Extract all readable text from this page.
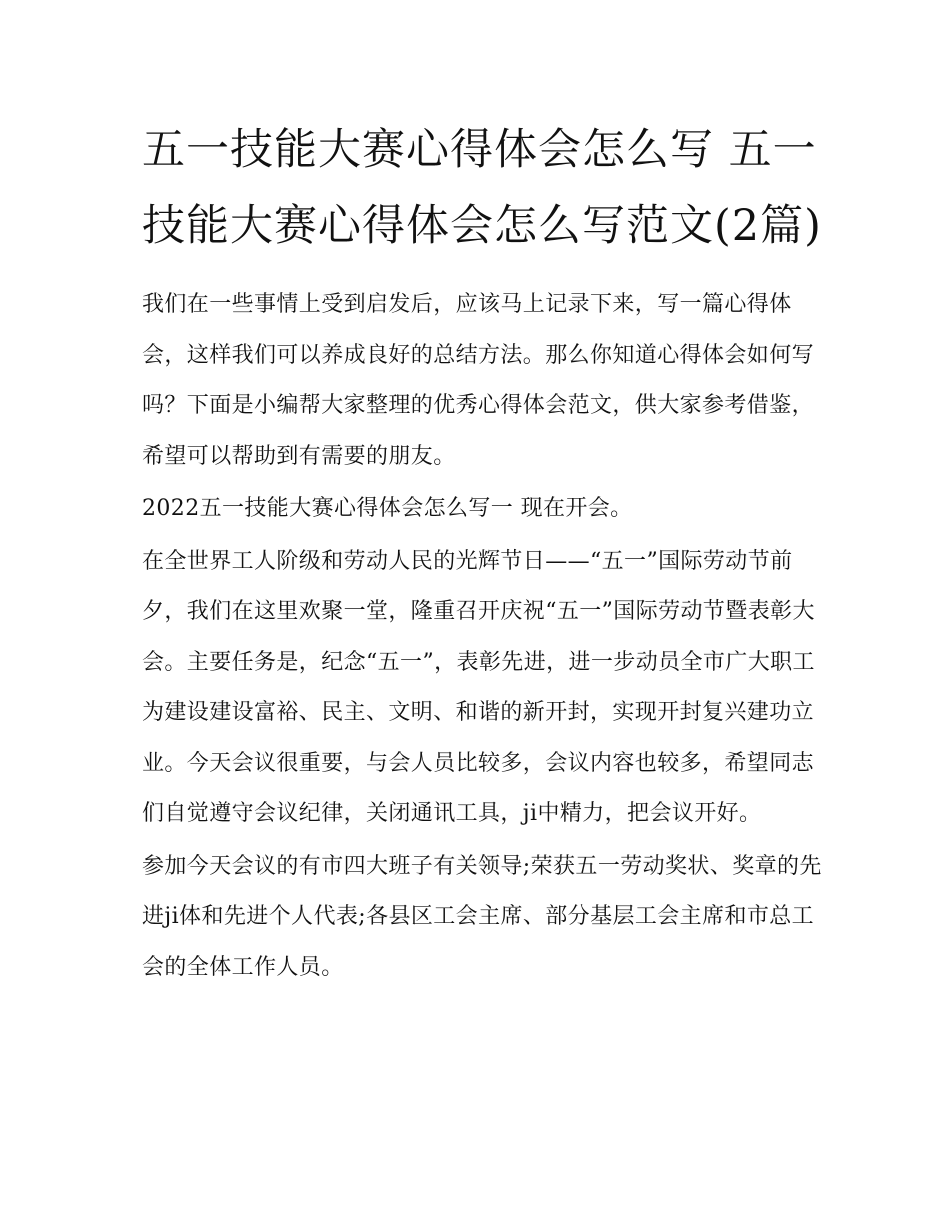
五一技能大赛心得体会怎么写 五一技能大赛心得体会怎么写范文(2篇)

我们在一些事情上受到启发后，应该马上记录下来，写一篇心得体会，这样我们可以养成良好的总结方法。那么你知道心得体会如何写吗？下面是小编帮大家整理的优秀心得体会范文，供大家参考借鉴，希望可以帮助到有需要的朋友。

2022五一技能大赛心得体会怎么写一 现在开会。

在全世界工人阶级和劳动人民的光辉节日——“五一”国际劳动节前夕，我们在这里欢聚一堂，隆重召开庆祝“五一”国际劳动节暨表彰大会。主要任务是，纪念“五一”，表彰先进，进一步动员全市广大职工为建设建设富裕、民主、文明、和谐的新开封，实现开封复兴建功立业。今天会议很重要，与会人员比较多，会议内容也较多，希望同志们自觉遵守会议纪律，关闭通讯工具，ji中精力，把会议开好。

参加今天会议的有市四大班子有关领导;荣获五一劳动奖状、奖章的先进ji体和先进个人代表;各县区工会主席、部分基层工会主席和市总工会的全体工作人员。
